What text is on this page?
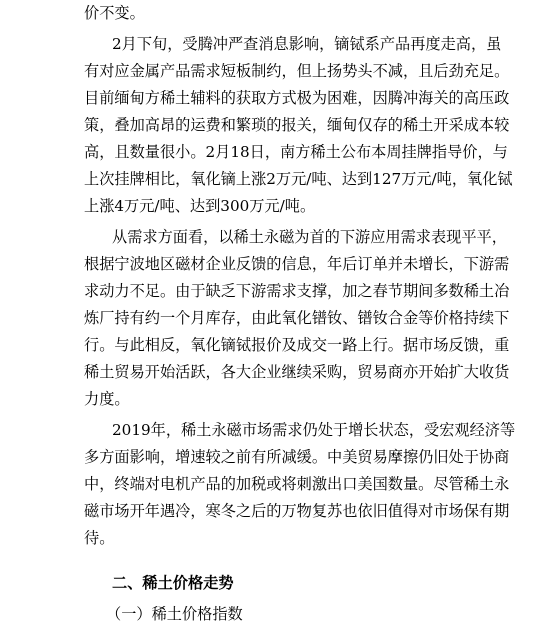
价不变。
2月下旬，受腾冲严查消息影响，镝铽系产品再度走高，虽
有对应金属产品需求短板制约，但上扬势头不减，且后劲充足。
目前缅甸方稀土辅料的获取方式极为困难，因腾冲海关的高压政
策，叠加高昂的运费和繁琐的报关，缅甸仅存的稀土开采成本较
高，且数量很小。2月18日，南方稀土公布本周挂牌指导价，与
上次挂牌相比，氧化镝上涨2万元/吨、达到127万元/吨，氧化铽
上涨4万元/吨、达到300万元/吨。
从需求方面看，以稀土永磁为首的下游应用需求表现平平，
根据宁波地区磁材企业反馈的信息，年后订单并未增长，下游需
求动力不足。由于缺乏下游需求支撑，加之春节期间多数稀土冶
炼厂持有约一个月库存，由此氧化镨钕、镨钕合金等价格持续下
行。与此相反，氧化镝铽报价及成交一路上行。据市场反馈，重
稀土贸易开始活跃，各大企业继续采购，贸易商亦开始扩大收货
力度。
2019年，稀土永磁市场需求仍处于增长状态，受宏观经济等
多方面影响，增速较之前有所减缓。中美贸易摩擦仍旧处于协商
中，终端对电机产品的加税或将刺激出口美国数量。尽管稀土永
磁市场开年遇冷，寒冬之后的万物复苏也依旧值得对市场保有期
待。
二、稀土价格走势
（一）稀土价格指数
